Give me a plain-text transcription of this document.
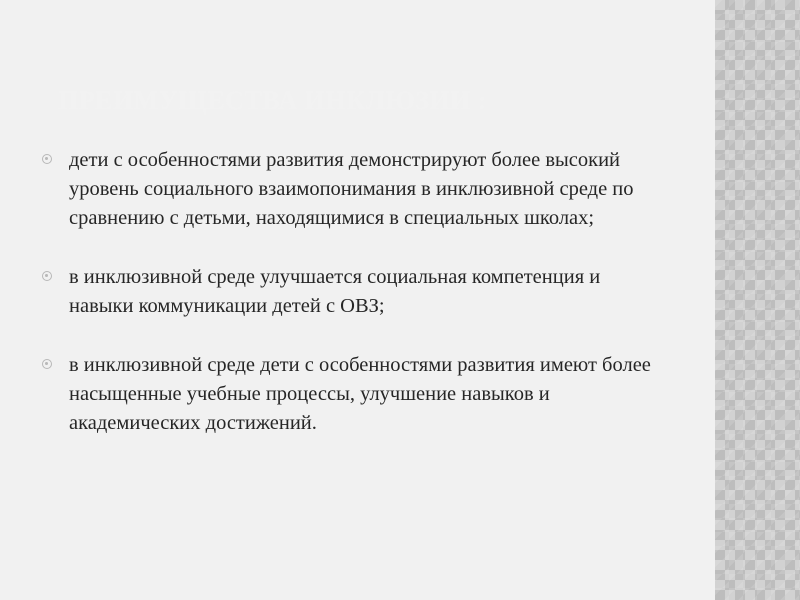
ПРЕИМУЩЕСТВА ИНКЛЮЗИИ :
дети с особенностями развития демонстрируют более высокий уровень социального взаимопонимания в инклюзивной среде по сравнению с детьми, находящимися в специальных школах;
в инклюзивной среде улучшается социальная компетенция и навыки коммуникации детей с ОВЗ;
в инклюзивной среде дети с особенностями развития имеют более насыщенные учебные процессы, улучшение навыков и академических достижений.
